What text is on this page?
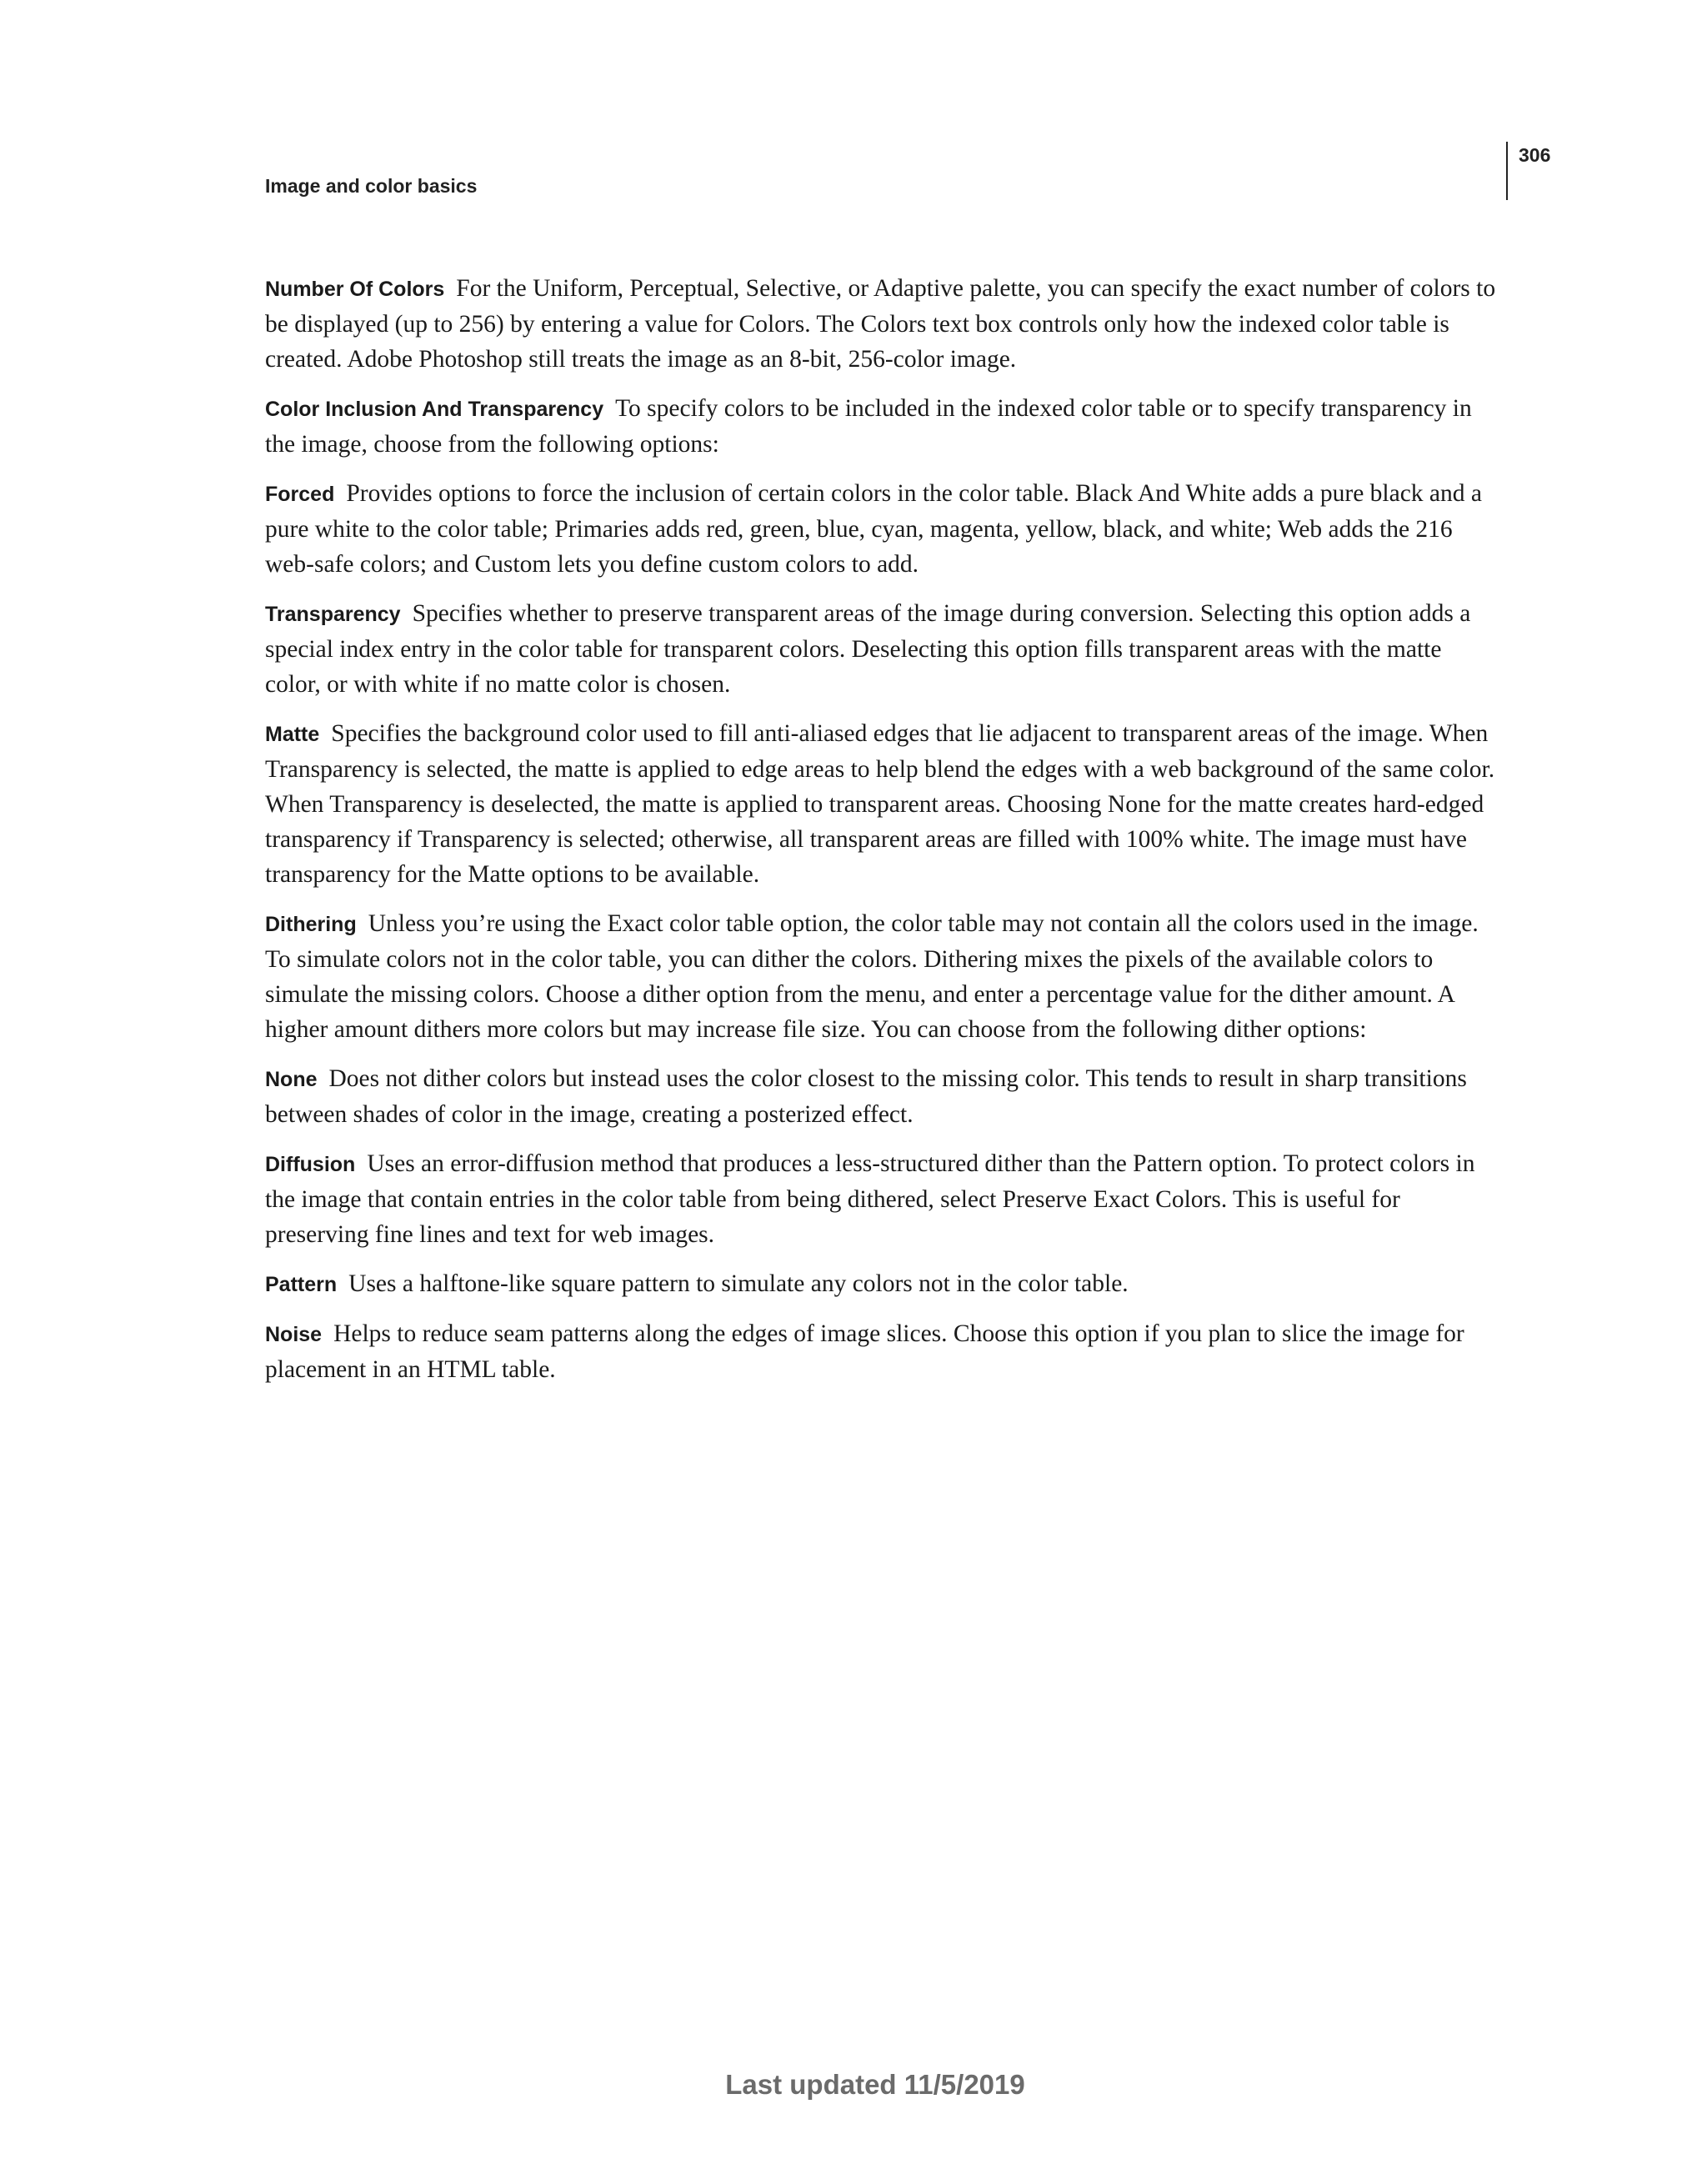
Image and color basics
306

Number Of Colors For the Uniform, Perceptual, Selective, or Adaptive palette, you can specify the exact number of colors to be displayed (up to 256) by entering a value for Colors. The Colors text box controls only how the indexed color table is created. Adobe Photoshop still treats the image as an 8-bit, 256-color image.

Color Inclusion And Transparency To specify colors to be included in the indexed color table or to specify transparency in the image, choose from the following options:

Forced Provides options to force the inclusion of certain colors in the color table. Black And White adds a pure black and a pure white to the color table; Primaries adds red, green, blue, cyan, magenta, yellow, black, and white; Web adds the 216 web-safe colors; and Custom lets you define custom colors to add.

Transparency Specifies whether to preserve transparent areas of the image during conversion. Selecting this option adds a special index entry in the color table for transparent colors. Deselecting this option fills transparent areas with the matte color, or with white if no matte color is chosen.

Matte Specifies the background color used to fill anti-aliased edges that lie adjacent to transparent areas of the image. When Transparency is selected, the matte is applied to edge areas to help blend the edges with a web background of the same color. When Transparency is deselected, the matte is applied to transparent areas. Choosing None for the matte creates hard-edged transparency if Transparency is selected; otherwise, all transparent areas are filled with 100% white. The image must have transparency for the Matte options to be available.

Dithering Unless you’re using the Exact color table option, the color table may not contain all the colors used in the image. To simulate colors not in the color table, you can dither the colors. Dithering mixes the pixels of the available colors to simulate the missing colors. Choose a dither option from the menu, and enter a percentage value for the dither amount. A higher amount dithers more colors but may increase file size. You can choose from the following dither options:

None Does not dither colors but instead uses the color closest to the missing color. This tends to result in sharp transitions between shades of color in the image, creating a posterized effect.

Diffusion Uses an error-diffusion method that produces a less-structured dither than the Pattern option. To protect colors in the image that contain entries in the color table from being dithered, select Preserve Exact Colors. This is useful for preserving fine lines and text for web images.

Pattern Uses a halftone-like square pattern to simulate any colors not in the color table.

Noise Helps to reduce seam patterns along the edges of image slices. Choose this option if you plan to slice the image for placement in an HTML table.

Last updated 11/5/2019
